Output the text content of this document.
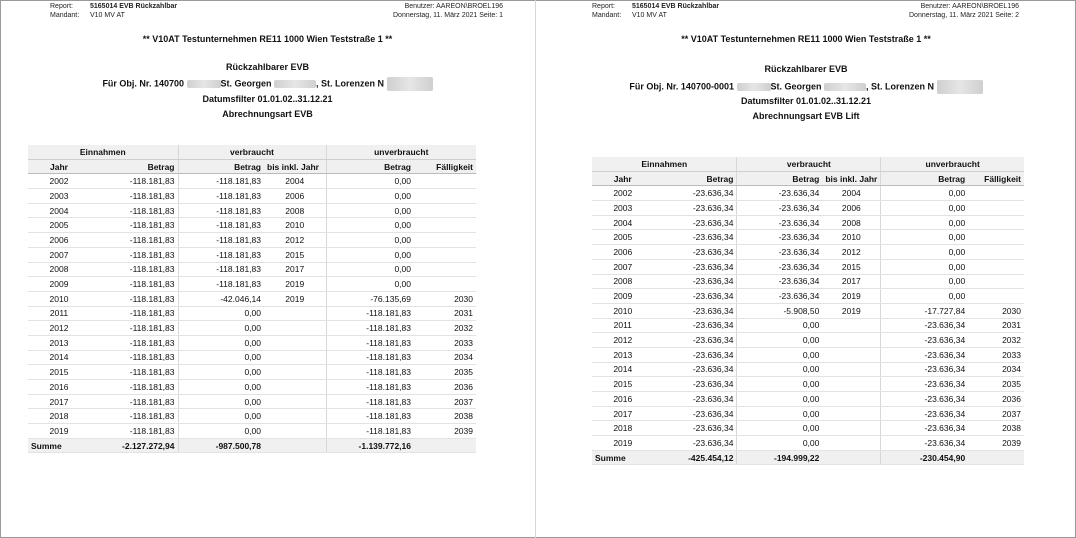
Report:	5165014 EVB Rückzahlbar
Mandant:	V10 MV AT
Benutzer: AAREON\BROEL196
Donnerstag, 11. März 2021 Seite: 1
** V10AT Testunternehmen RE11 1000 Wien Teststraße 1 **
Rückzahlbarer EVB
Für Obj. Nr. 140700	St. Georgen	, St. Lorenzen N
Datumsfilter 01.01.02..31.12.21
Abrechnungsart EVB
Einnahmen		verbraucht		unverbraucht	
Jahr	Betrag	Betrag	bis inkl. Jahr	Betrag	Fälligkeit
2002	-118.181,83	-118.181,83	2004	0,00	
2003	-118.181,83	-118.181,83	2006	0,00	
2004	-118.181,83	-118.181,83	2008	0,00	
2005	-118.181,83	-118.181,83	2010	0,00	
2006	-118.181,83	-118.181,83	2012	0,00	
2007	-118.181,83	-118.181,83	2015	0,00	
2008	-118.181,83	-118.181,83	2017	0,00	
2009	-118.181,83	-118.181,83	2019	0,00	
2010	-118.181,83	-42.046,14	2019	-76.135,69	2030
2011	-118.181,83	0,00		-118.181,83	2031
2012	-118.181,83	0,00		-118.181,83	2032
2013	-118.181,83	0,00		-118.181,83	2033
2014	-118.181,83	0,00		-118.181,83	2034
2015	-118.181,83	0,00		-118.181,83	2035
2016	-118.181,83	0,00		-118.181,83	2036
2017	-118.181,83	0,00		-118.181,83	2037
2018	-118.181,83	0,00		-118.181,83	2038
2019	-118.181,83	0,00		-118.181,83	2039
Summe	-2.127.272,94	-987.500,78		-1.139.772,16	
Report:	5165014 EVB Rückzahlbar
Mandant:	V10 MV AT
Benutzer: AAREON\BROEL196
Donnerstag, 11. März 2021 Seite: 2
** V10AT Testunternehmen RE11 1000 Wien Teststraße 1 **
Rückzahlbarer EVB
Für Obj. Nr. 140700-0001	St. Georgen	, St. Lorenzen N
Datumsfilter 01.01.02..31.12.21
Abrechnungsart EVB Lift
Einnahmen		verbraucht		unverbraucht	
Jahr	Betrag	Betrag	bis inkl. Jahr	Betrag	Fälligkeit
2002	-23.636,34	-23.636,34	2004	0,00	
2003	-23.636,34	-23.636,34	2006	0,00	
2004	-23.636,34	-23.636,34	2008	0,00	
2005	-23.636,34	-23.636,34	2010	0,00	
2006	-23.636,34	-23.636,34	2012	0,00	
2007	-23.636,34	-23.636,34	2015	0,00	
2008	-23.636,34	-23.636,34	2017	0,00	
2009	-23.636,34	-23.636,34	2019	0,00	
2010	-23.636,34	-5.908,50	2019	-17.727,84	2030
2011	-23.636,34	0,00		-23.636,34	2031
2012	-23.636,34	0,00		-23.636,34	2032
2013	-23.636,34	0,00		-23.636,34	2033
2014	-23.636,34	0,00		-23.636,34	2034
2015	-23.636,34	0,00		-23.636,34	2035
2016	-23.636,34	0,00		-23.636,34	2036
2017	-23.636,34	0,00		-23.636,34	2037
2018	-23.636,34	0,00		-23.636,34	2038
2019	-23.636,34	0,00		-23.636,34	2039
Summe	-425.454,12	-194.999,22		-230.454,90	
